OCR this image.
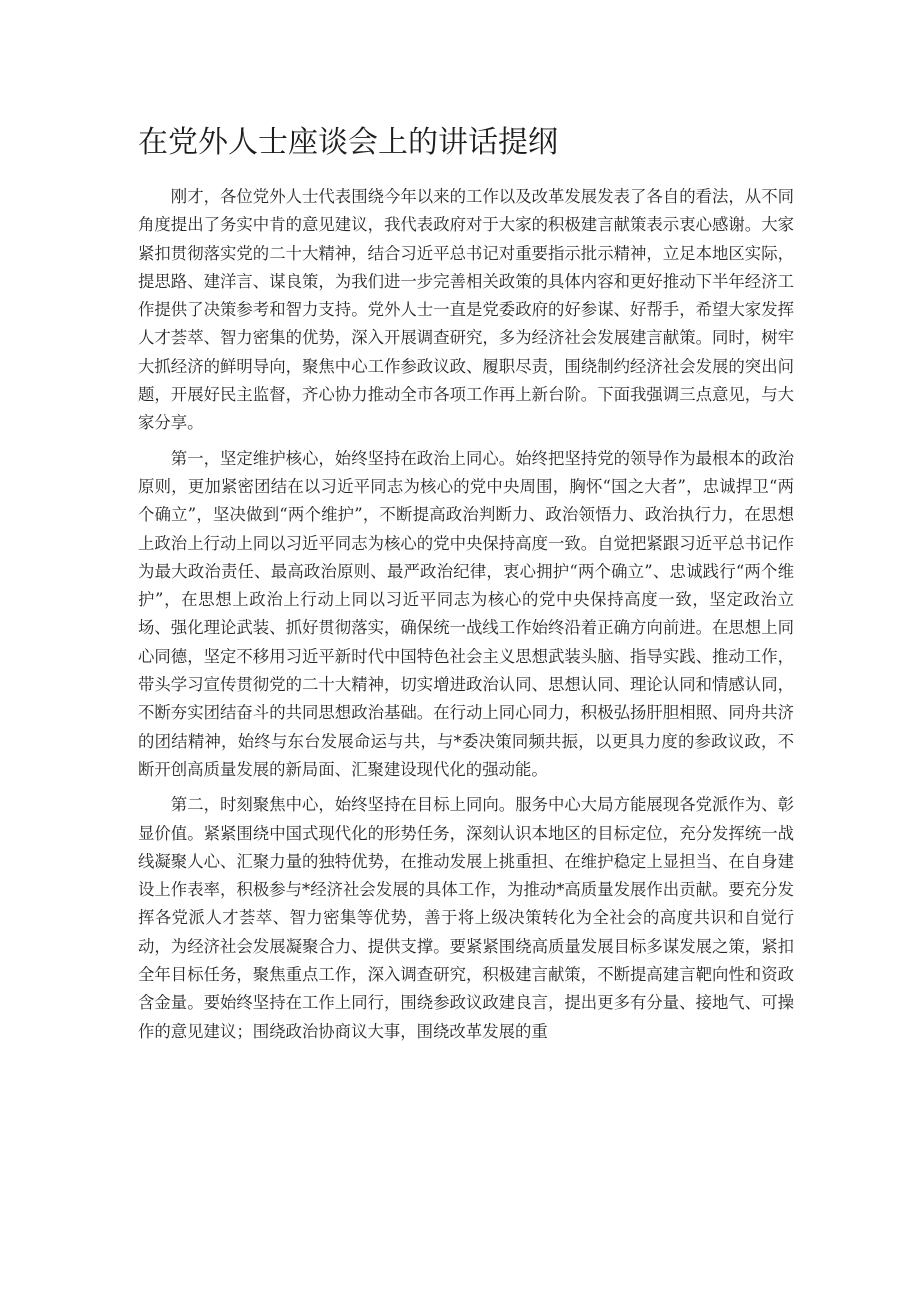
在党外人士座谈会上的讲话提纲

刚才，各位党外人士代表围绕今年以来的工作以及改革发展发表了各自的看法，从不同角度提出了务实中肯的意见建议，我代表政府对于大家的积极建言献策表示衷心感谢。大家紧扣贯彻落实党的二十大精神，结合习近平总书记对重要指示批示精神，立足本地区实际，提思路、建洋言、谋良策，为我们进一步完善相关政策的具体内容和更好推动下半年经济工作提供了决策参考和智力支持。党外人士一直是党委政府的好参谋、好帮手，希望大家发挥人才荟萃、智力密集的优势，深入开展调查研究，多为经济社会发展建言献策。同时，树牢大抓经济的鲜明导向，聚焦中心工作参政议政、履职尽责，围绕制约经济社会发展的突出问题，开展好民主监督，齐心协力推动全市各项工作再上新台阶。下面我强调三点意见，与大家分享。

第一，坚定维护核心，始终坚持在政治上同心。始终把坚持党的领导作为最根本的政治原则，更加紧密团结在以习近平同志为核心的党中央周围，胸怀“国之大者”，忠诚捍卫“两个确立”，坚决做到“两个维护”，不断提高政治判断力、政治领悟力、政治执行力，在思想上政治上行动上同以习近平同志为核心的党中央保持高度一致。自觉把紧跟习近平总书记作为最大政治责任、最高政治原则、最严政治纪律，衷心拥护“两个确立”、忠诚践行“两个维护”，在思想上政治上行动上同以习近平同志为核心的党中央保持高度一致，坚定政治立场、强化理论武装、抓好贯彻落实，确保统一战线工作始终沿着正确方向前进。在思想上同心同德，坚定不移用习近平新时代中国特色社会主义思想武装头脑、指导实践、推动工作，带头学习宣传贯彻党的二十大精神，切实增进政治认同、思想认同、理论认同和情感认同，不断夯实团结奋斗的共同思想政治基础。在行动上同心同力，积极弘扬肝胆相照、同舟共济的团结精神，始终与东台发展命运与共，与*委决策同频共振，以更具力度的参政议政，不断开创高质量发展的新局面、汇聚建设现代化的强动能。

第二，时刻聚焦中心，始终坚持在目标上同向。服务中心大局方能展现各党派作为、彰显价值。紧紧围绕中国式现代化的形势任务，深刻认识本地区的目标定位，充分发挥统一战线凝聚人心、汇聚力量的独特优势，在推动发展上挑重担、在维护稳定上显担当、在自身建设上作表率，积极参与*经济社会发展的具体工作，为推动*高质量发展作出贡献。要充分发挥各党派人才荟萃、智力密集等优势，善于将上级决策转化为全社会的高度共识和自觉行动，为经济社会发展凝聚合力、提供支撑。要紧紧围绕高质量发展目标多谋发展之策，紧扣全年目标任务，聚焦重点工作，深入调查研究，积极建言献策，不断提高建言靶向性和资政含金量。要始终坚持在工作上同行，围绕参政议政建良言，提出更多有分量、接地气、可操作的意见建议；围绕政治协商议大事，围绕改革发展的重
